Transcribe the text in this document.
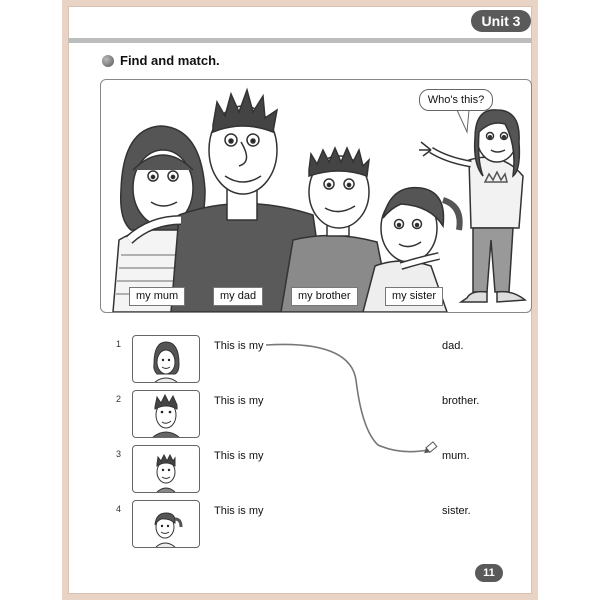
Unit 3
Find and match.
Who's this?
my mum	my dad	my brother	my sister
1	This is my	dad.
2	This is my	brother.
3	This is my	mum.
4	This is my	sister.
11
